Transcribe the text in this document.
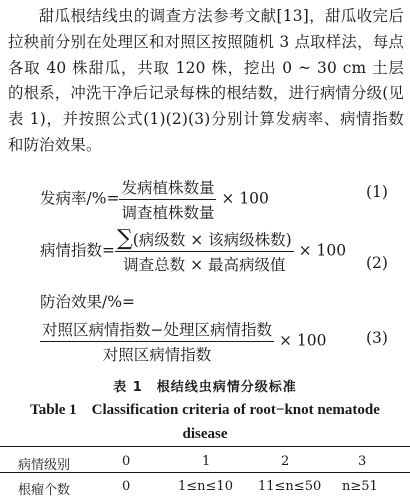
甜瓜根结线虫的调查方法参考文献[13]，甜瓜收完后拉秧前分别在处理区和对照区按照随机 3 点取样法，每点各取 40 株甜瓜，共取 120 株，挖出 0 ~ 30 cm 土层的根系，冲洗干净后记录每株的根结数，进行病情分级(见表 1)，并按照公式(1)(2)(3)分别计算发病率、病情指数和防治效果。

发病率/%= $\frac{\text{发病植株数量}}{\text{调查植株数量}} \times 100$	(1)
病情指数= $\frac{\text{∑(病级数 × 该病级株数)}}{\text{调查总数 × 最高病级值}} \times 100$
(2)
防治效果/%=
$\frac{\text{对照区病情指数−处理区病情指数}}{\text{对照区病情指数}} \times 100$	(3)
表 1　根结线虫病情分级标准
Table 1　Classification criteria of root−knot nematode disease
病情级别	0	1	2	3
根瘤个数	0	1≤n≤10 11≤n≤50 n≥51
